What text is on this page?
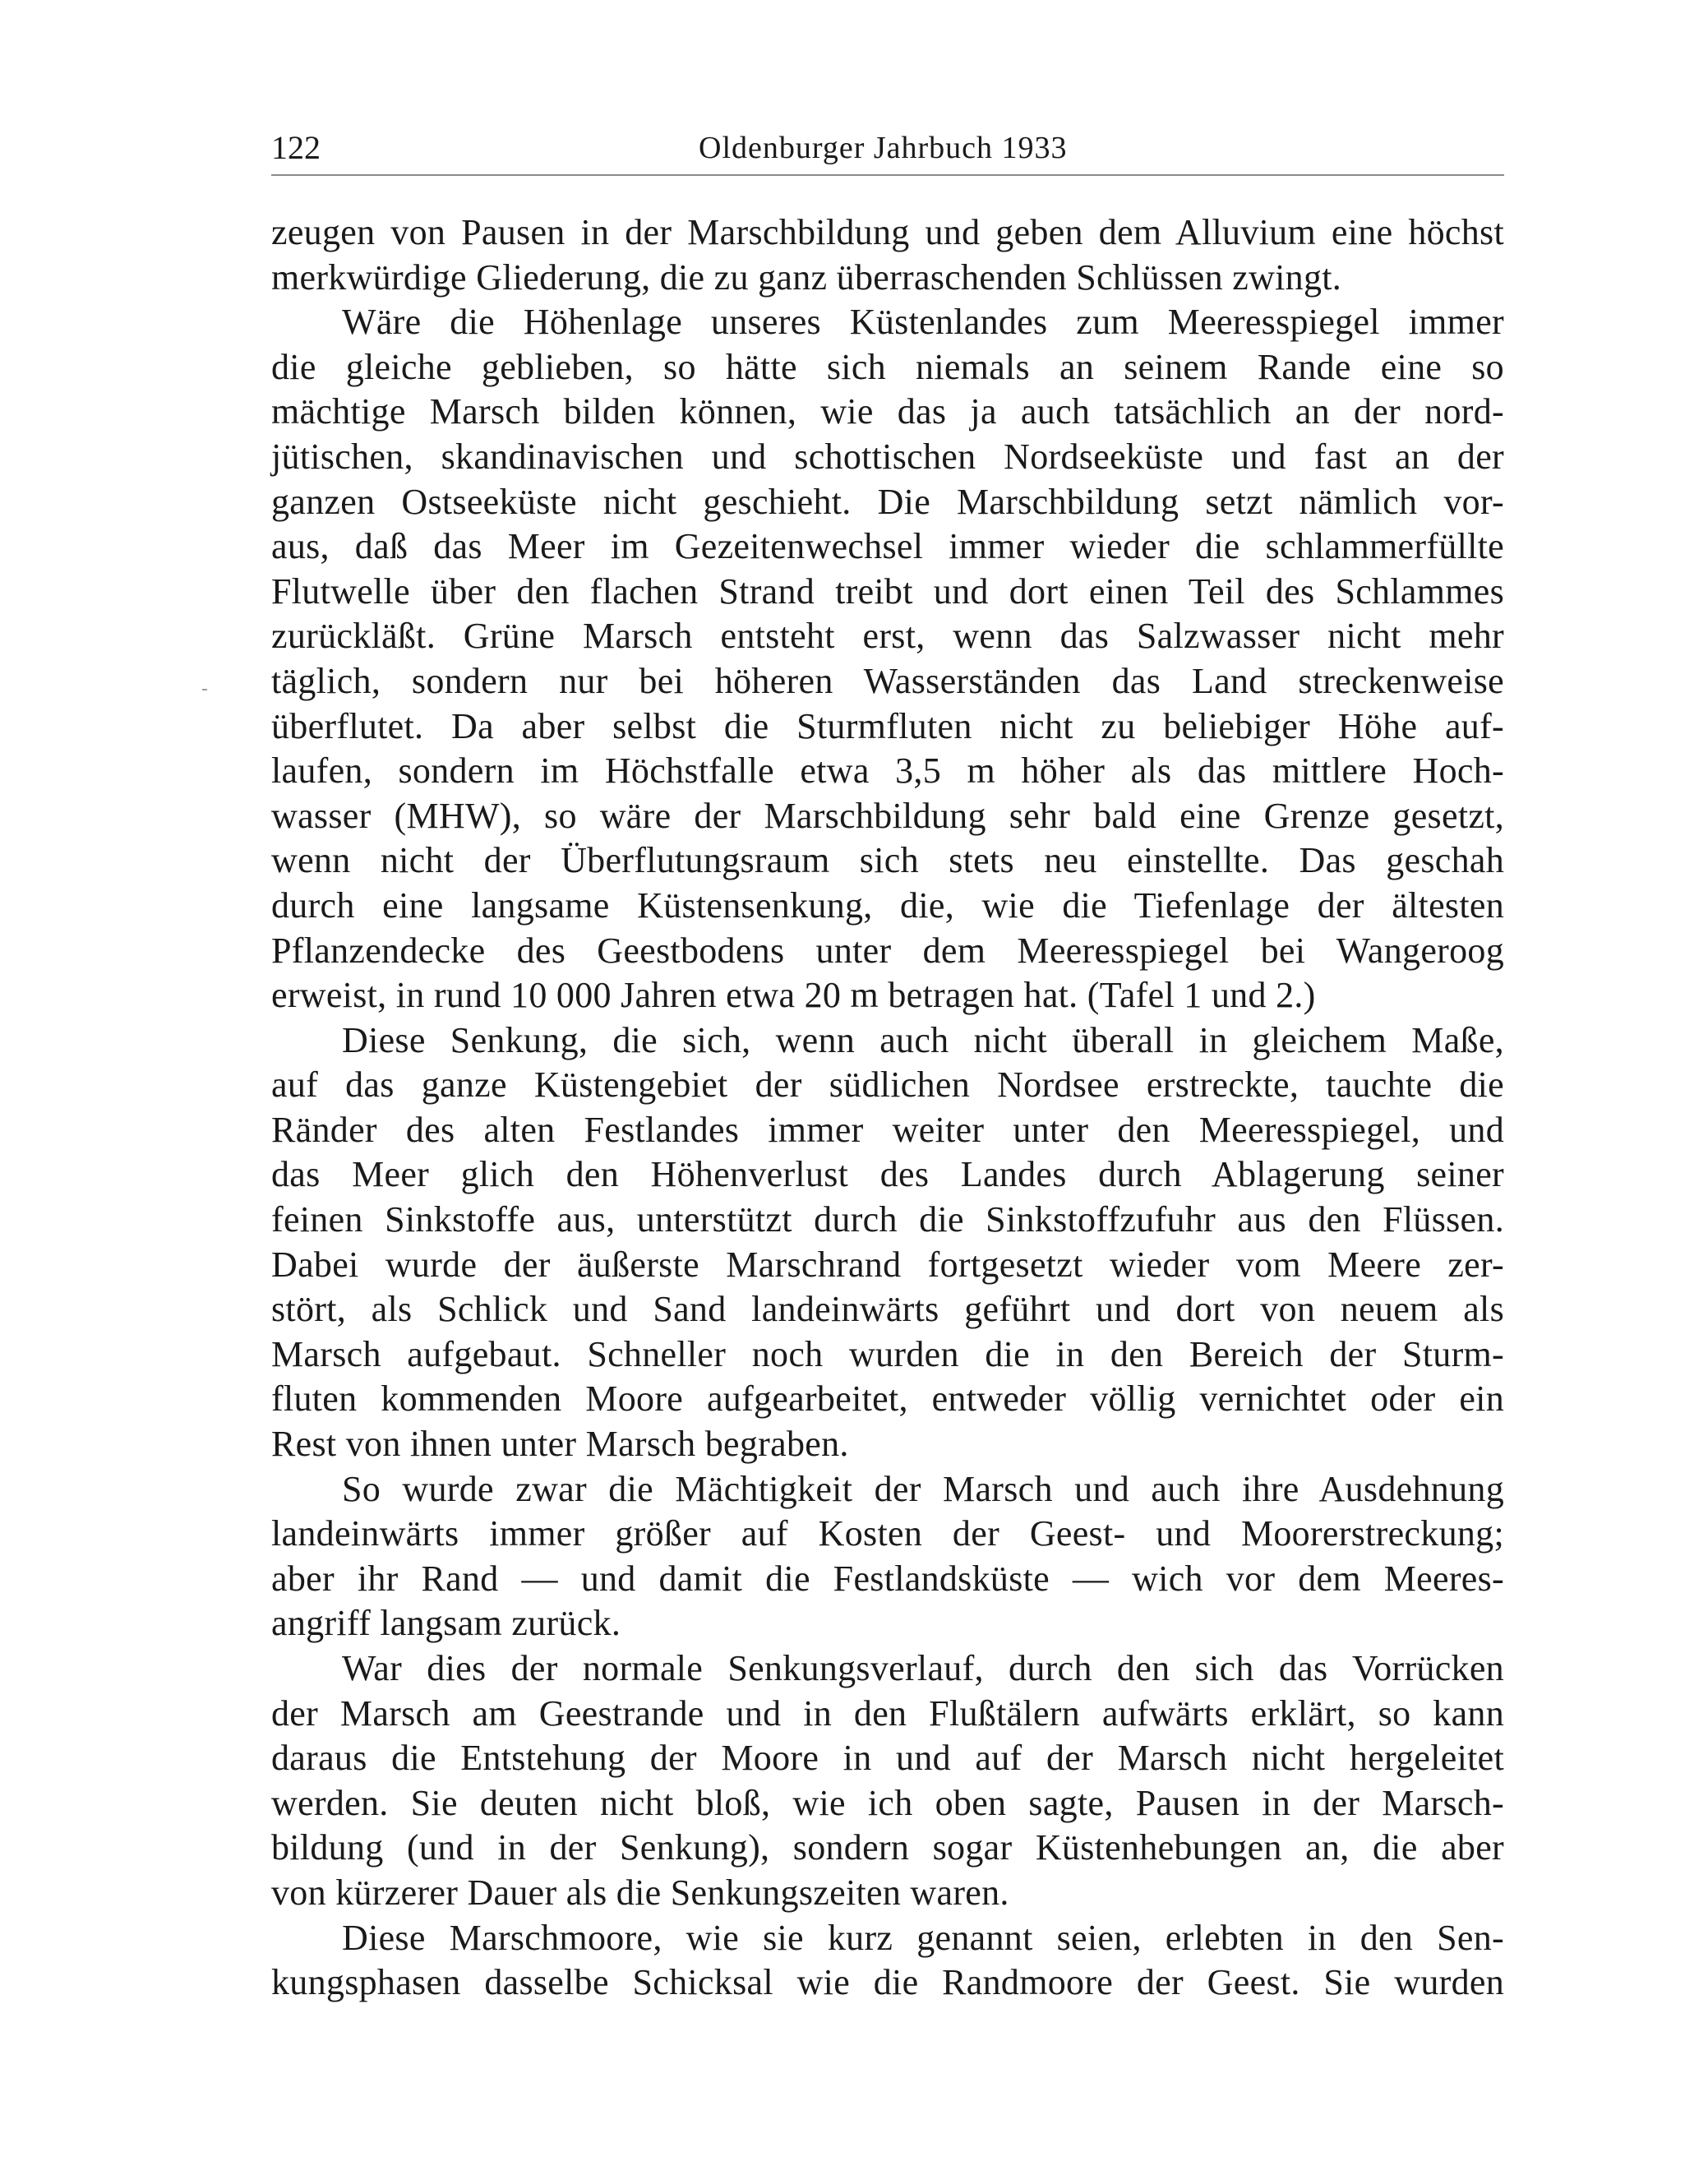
122	Oldenburger Jahrbuch 1933
zeugen von Pausen in der Marschbildung und geben dem Alluvium eine höchst
merkwürdige Gliederung, die zu ganz überraschenden Schlüssen zwingt.
Wäre die Höhenlage unseres Küstenlandes zum Meeresspiegel immer
die gleiche geblieben, so hätte sich niemals an seinem Rande eine so
mächtige Marsch bilden können, wie das ja auch tatsächlich an der nord-
jütischen, skandinavischen und schottischen Nordseeküste und fast an der
ganzen Ostseeküste nicht geschieht. Die Marschbildung setzt nämlich vor-
aus, daß das Meer im Gezeitenwechsel immer wieder die schlammerfüllte
Flutwelle über den flachen Strand treibt und dort einen Teil des Schlammes
zurückläßt. Grüne Marsch entsteht erst, wenn das Salzwasser nicht mehr
täglich, sondern nur bei höheren Wasserständen das Land streckenweise
überflutet. Da aber selbst die Sturmfluten nicht zu beliebiger Höhe auf-
laufen, sondern im Höchstfalle etwa 3,5 m höher als das mittlere Hoch-
wasser (MHW), so wäre der Marschbildung sehr bald eine Grenze gesetzt,
wenn nicht der Überflutungsraum sich stets neu einstellte. Das geschah
durch eine langsame Küstensenkung, die, wie die Tiefenlage der ältesten
Pflanzendecke des Geestbodens unter dem Meeresspiegel bei Wangeroog
erweist, in rund 10 000 Jahren etwa 20 m betragen hat. (Tafel 1 und 2.)
Diese Senkung, die sich, wenn auch nicht überall in gleichem Maße,
auf das ganze Küstengebiet der südlichen Nordsee erstreckte, tauchte die
Ränder des alten Festlandes immer weiter unter den Meeresspiegel, und
das Meer glich den Höhenverlust des Landes durch Ablagerung seiner
feinen Sinkstoffe aus, unterstützt durch die Sinkstoffzufuhr aus den Flüssen.
Dabei wurde der äußerste Marschrand fortgesetzt wieder vom Meere zer-
stört, als Schlick und Sand landeinwärts geführt und dort von neuem als
Marsch aufgebaut. Schneller noch wurden die in den Bereich der Sturm-
fluten kommenden Moore aufgearbeitet, entweder völlig vernichtet oder ein
Rest von ihnen unter Marsch begraben.
So wurde zwar die Mächtigkeit der Marsch und auch ihre Ausdehnung
landeinwärts immer größer auf Kosten der Geest- und Moorerstreckung;
aber ihr Rand — und damit die Festlandsküste — wich vor dem Meeres-
angriff langsam zurück.
War dies der normale Senkungsverlauf, durch den sich das Vorrücken
der Marsch am Geestrande und in den Flußtälern aufwärts erklärt, so kann
daraus die Entstehung der Moore in und auf der Marsch nicht hergeleitet
werden. Sie deuten nicht bloß, wie ich oben sagte, Pausen in der Marsch-
bildung (und in der Senkung), sondern sogar Küstenhebungen an, die aber
von kürzerer Dauer als die Senkungszeiten waren.
Diese Marschmoore, wie sie kurz genannt seien, erlebten in den Sen-
kungsphasen dasselbe Schicksal wie die Randmoore der Geest. Sie wurden
